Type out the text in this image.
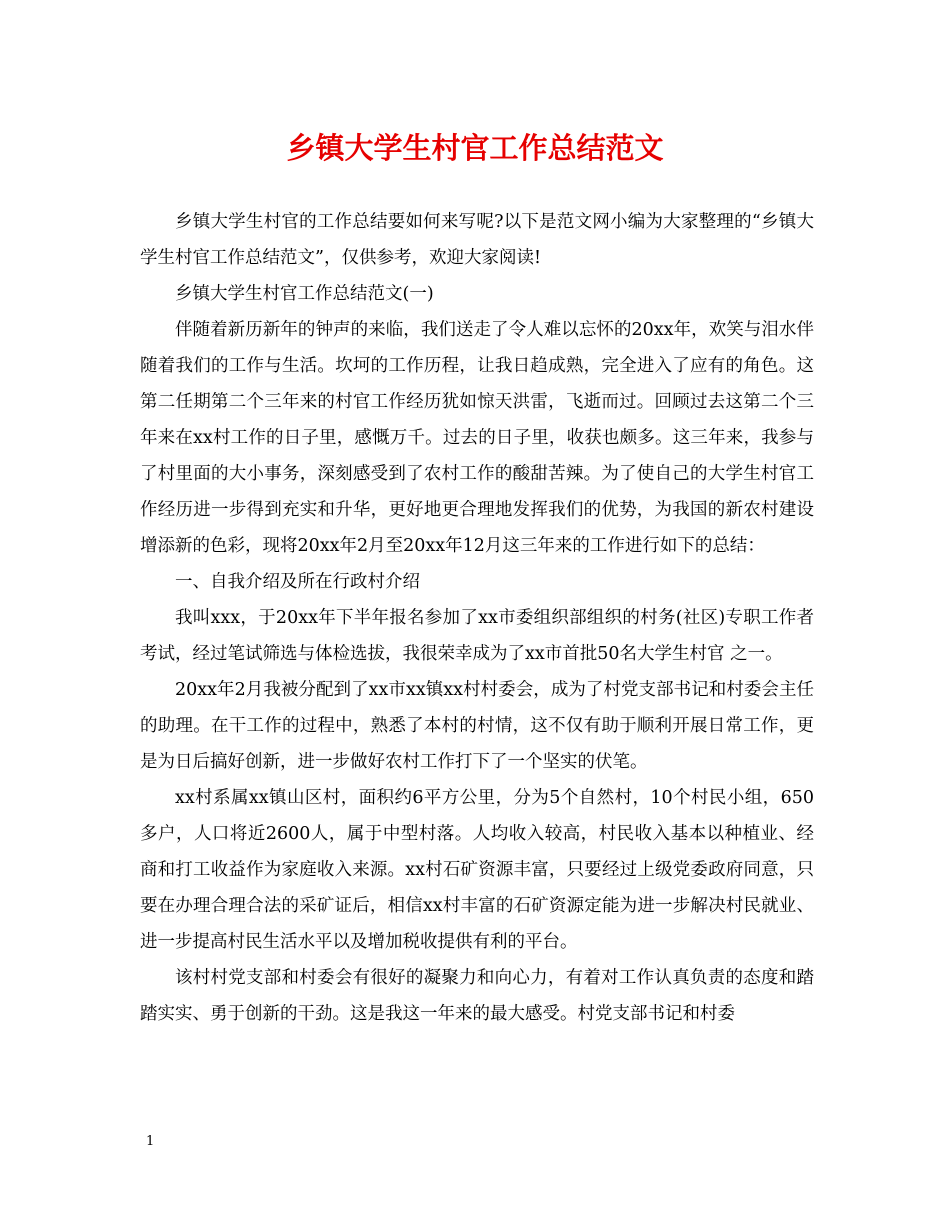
乡镇大学生村官工作总结范文

乡镇大学生村官的工作总结要如何来写呢?以下是范文网小编为大家整理的“乡镇大学生村官工作总结范文”，仅供参考，欢迎大家阅读!

乡镇大学生村官工作总结范文(一)

伴随着新历新年的钟声的来临，我们送走了令人难以忘怀的20xx年，欢笑与泪水伴随着我们的工作与生活。坎坷的工作历程，让我日趋成熟，完全进入了应有的角色。这第二任期第二个三年来的村官工作经历犹如惊天洪雷，飞逝而过。回顾过去这第二个三年来在xx村工作的日子里，感慨万千。过去的日子里，收获也颇多。这三年来，我参与了村里面的大小事务，深刻感受到了农村工作的酸甜苦辣。为了使自己的大学生村官工作经历进一步得到充实和升华，更好地更合理地发挥我们的优势，为我国的新农村建设增添新的色彩，现将20xx年2月至20xx年12月这三年来的工作进行如下的总结：

一、自我介绍及所在行政村介绍

我叫xxx，于20xx年下半年报名参加了xx市委组织部组织的村务(社区)专职工作者考试，经过笔试筛选与体检选拔，我很荣幸成为了xx市首批50名大学生村官 之一。

20xx年2月我被分配到了xx市xx镇xx村村委会，成为了村党支部书记和村委会主任的助理。在干工作的过程中，熟悉了本村的村情，这不仅有助于顺利开展日常工作，更是为日后搞好创新，进一步做好农村工作打下了一个坚实的伏笔。

xx村系属xx镇山区村，面积约6平方公里，分为5个自然村，10个村民小组，650多户，人口将近2600人，属于中型村落。人均收入较高，村民收入基本以种植业、经商和打工收益作为家庭收入来源。xx村石矿资源丰富，只要经过上级党委政府同意，只要在办理合理合法的采矿证后，相信xx村丰富的石矿资源定能为进一步解决村民就业、进一步提高村民生活水平以及增加税收提供有利的平台。

该村村党支部和村委会有很好的凝聚力和向心力，有着对工作认真负责的态度和踏踏实实、勇于创新的干劲。这是我这一年来的最大感受。村党支部书记和村委

1
